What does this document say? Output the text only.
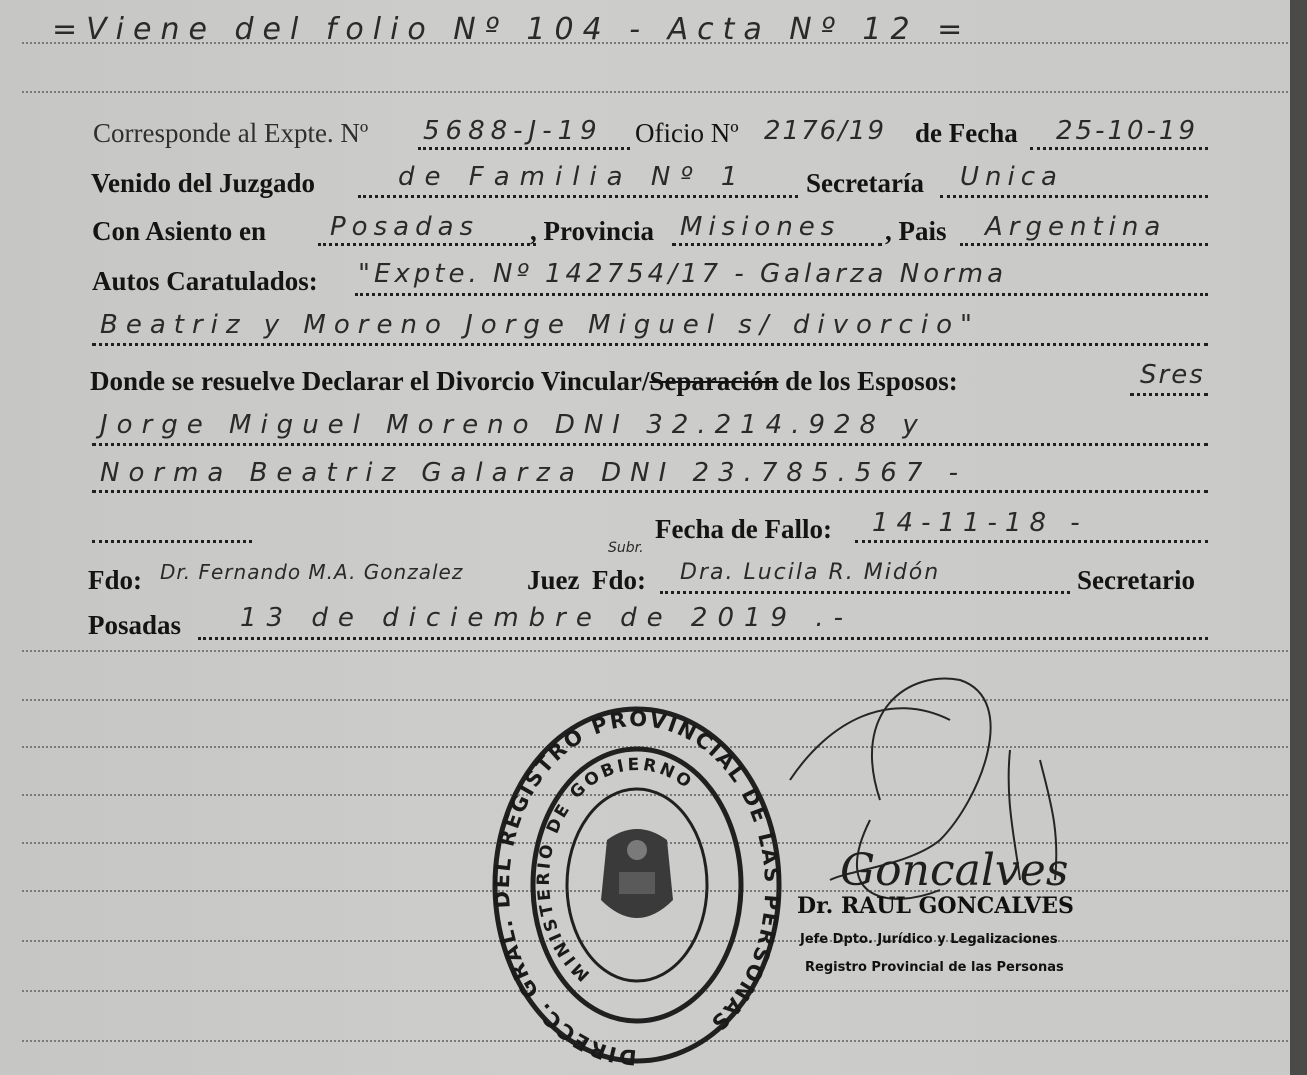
=Viene del folio Nº 104 - Acta Nº 12 =
Corresponde al Expte. Nº 5688-J-19 Oficio Nº 2176/19 de Fecha 25-10-19
Venido del Juzgado	de Familia Nº 1 Secretaría Unica
Con Asiento en Posadas , Provincia Misiones , Pais Argentina
Autos Caratulados: "Expte. Nº 142754/17 - Galarza Norma
Beatriz y Moreno Jorge Miguel s/ divorcio"
Donde se resuelve Declarar el Divorcio Vincular/Separación de los Esposos:	Sres
Jorge Miguel Moreno DNI 32.214.928 y
Norma Beatriz Galarza DNI 23.785.567 -
Fecha de Fallo: 14-11-18 -
Fdo: Dr. Fernando M.A. Gonzalez Juez Fdo:
Subr.
Dra. Lucila R. Midón	Secretario
Posadas 13 de diciembre de 2019 .-
DIRECC. GRAL. DEL REGISTRO PROVINCIAL DE LAS PERSONAS
MINISTERIO DE GOBIERNO
Goncalves
Dr. RAUL GONCALVES
Jefe Dpto. Jurídico y Legalizaciones
Registro Provincial de las Personas
